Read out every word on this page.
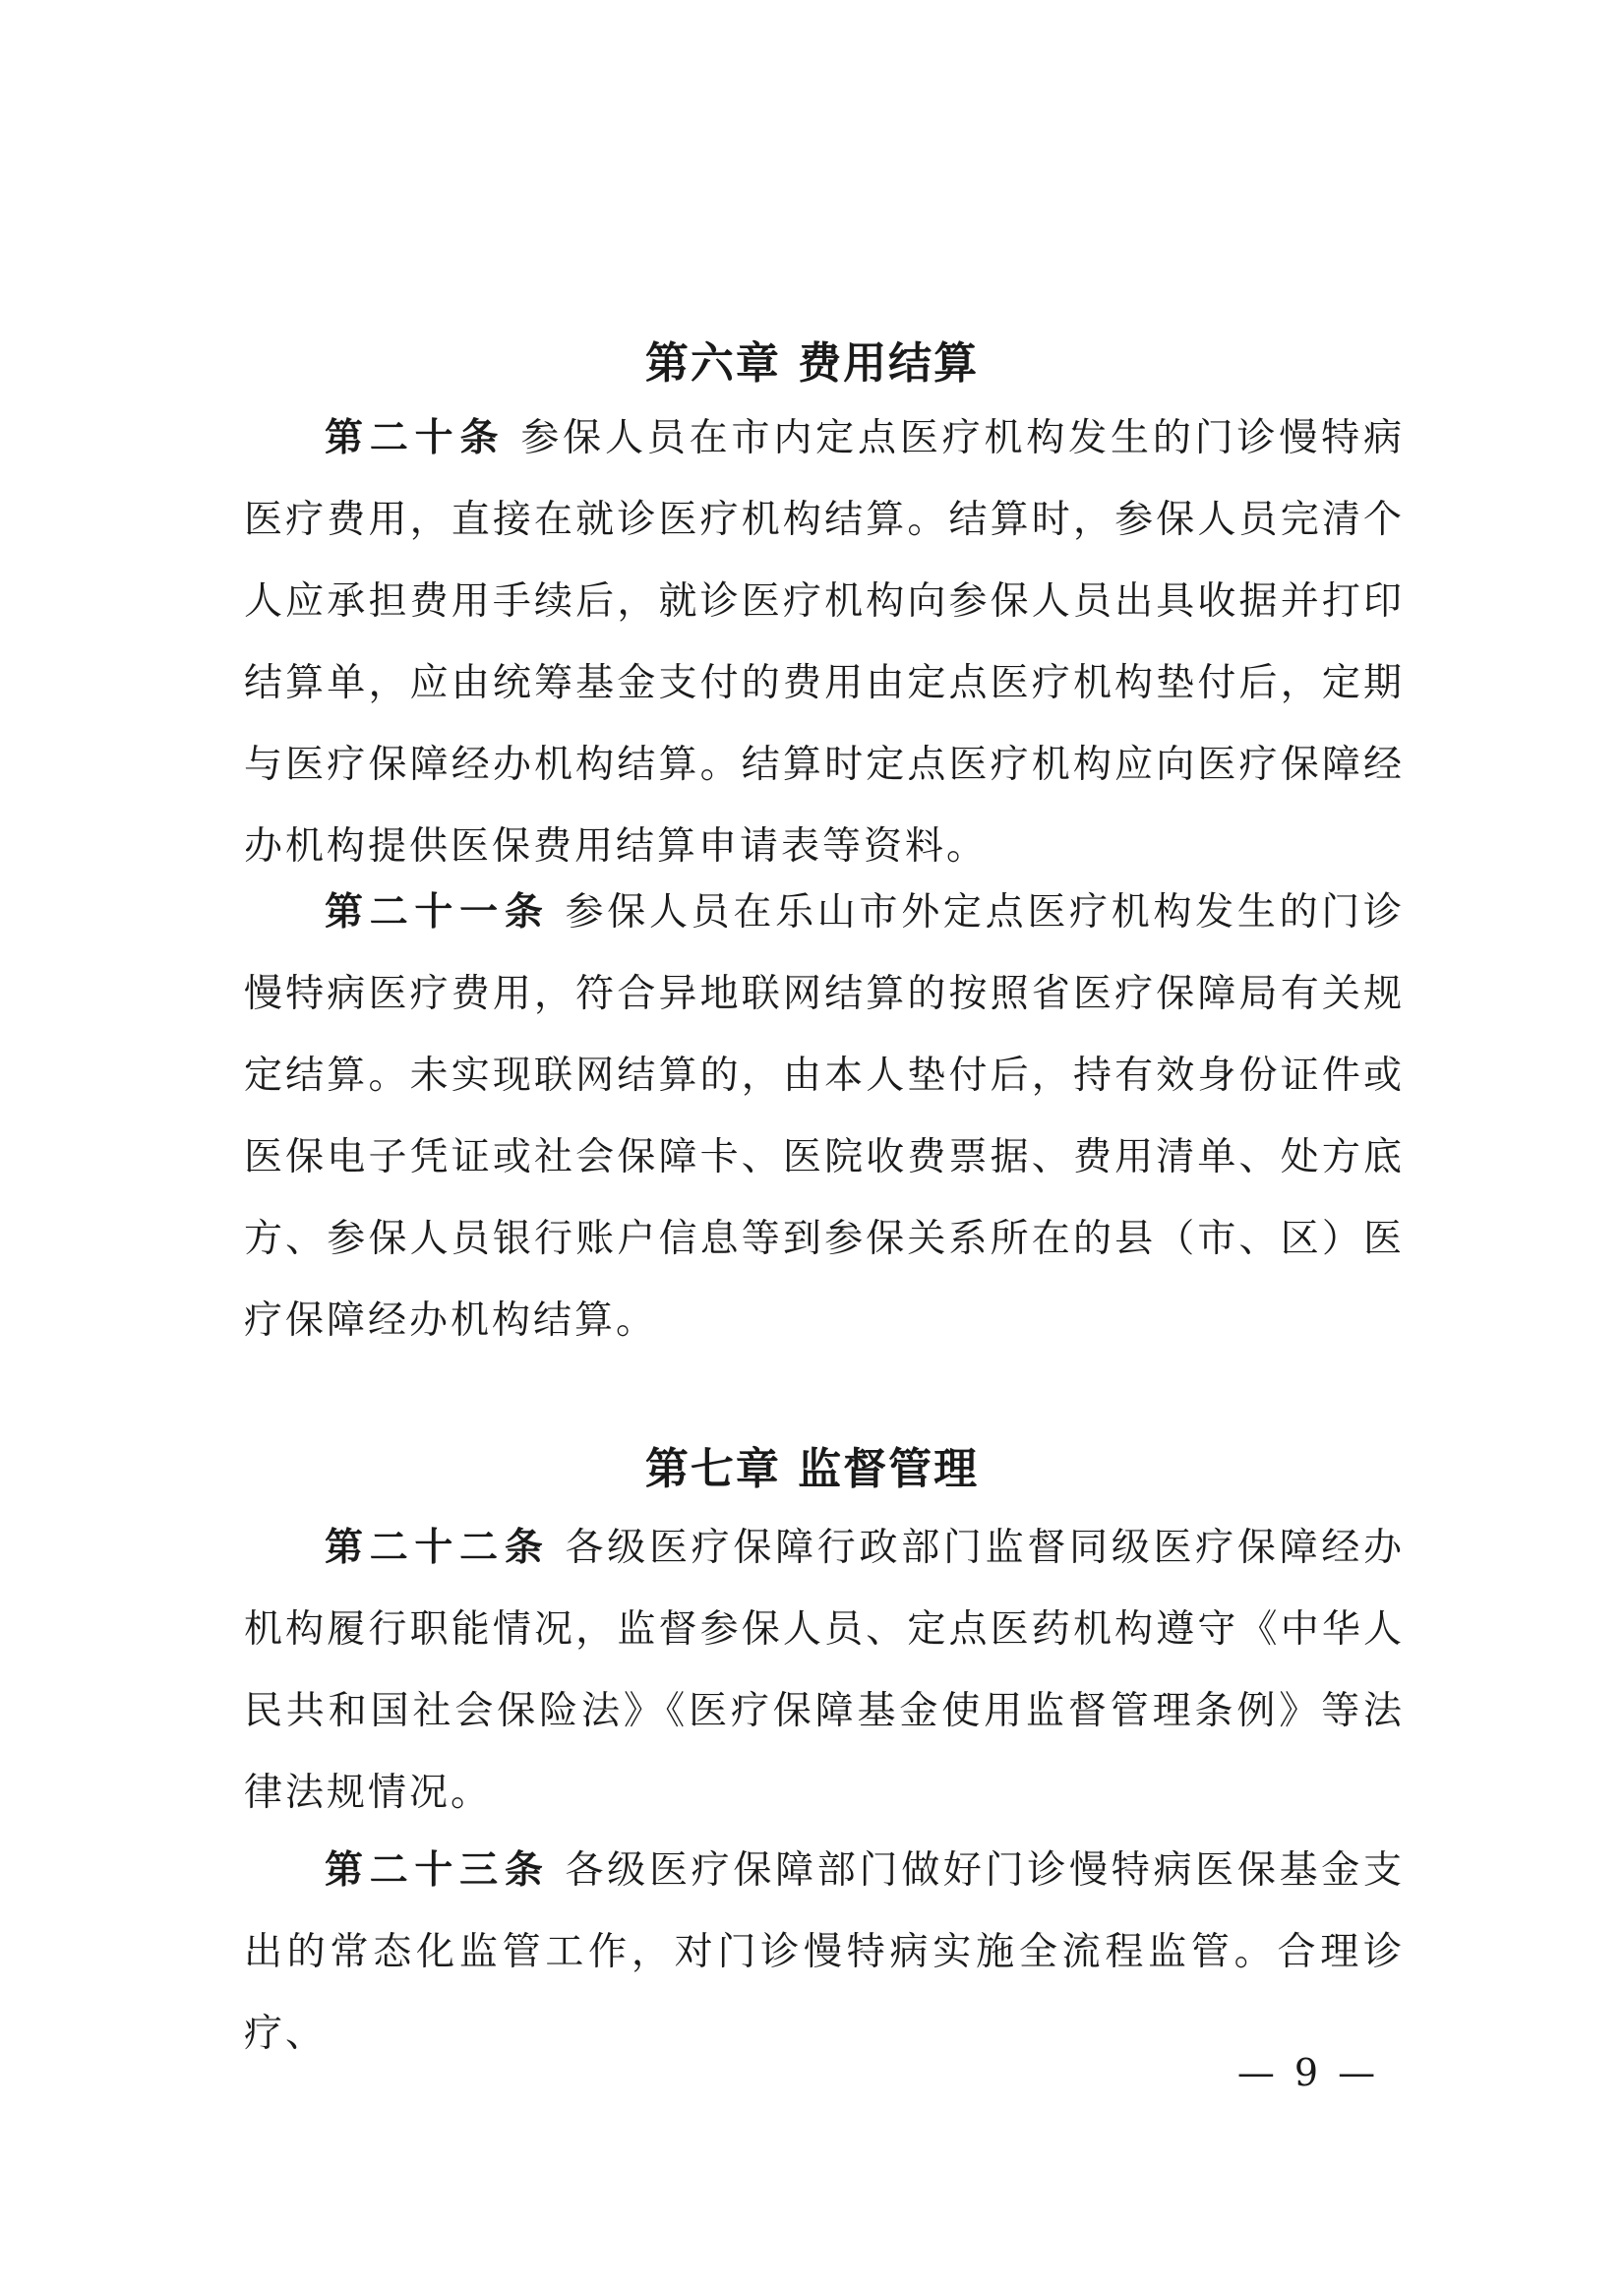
第六章 费用结算

第二十条 参保人员在市内定点医疗机构发生的门诊慢特病医疗费用，直接在就诊医疗机构结算。结算时，参保人员完清个人应承担费用手续后，就诊医疗机构向参保人员出具收据并打印结算单，应由统筹基金支付的费用由定点医疗机构垫付后，定期与医疗保障经办机构结算。结算时定点医疗机构应向医疗保障经办机构提供医保费用结算申请表等资料。

第二十一条 参保人员在乐山市外定点医疗机构发生的门诊慢特病医疗费用，符合异地联网结算的按照省医疗保障局有关规定结算。未实现联网结算的，由本人垫付后，持有效身份证件或医保电子凭证或社会保障卡、医院收费票据、费用清单、处方底方、参保人员银行账户信息等到参保关系所在的县（市、区）医疗保障经办机构结算。

第七章 监督管理

第二十二条 各级医疗保障行政部门监督同级医疗保障经办机构履行职能情况，监督参保人员、定点医药机构遵守《中华人民共和国社会保险法》《医疗保障基金使用监督管理条例》等法律法规情况。

第二十三条 各级医疗保障部门做好门诊慢特病医保基金支出的常态化监管工作，对门诊慢特病实施全流程监管。合理诊疗、

— 9 —
